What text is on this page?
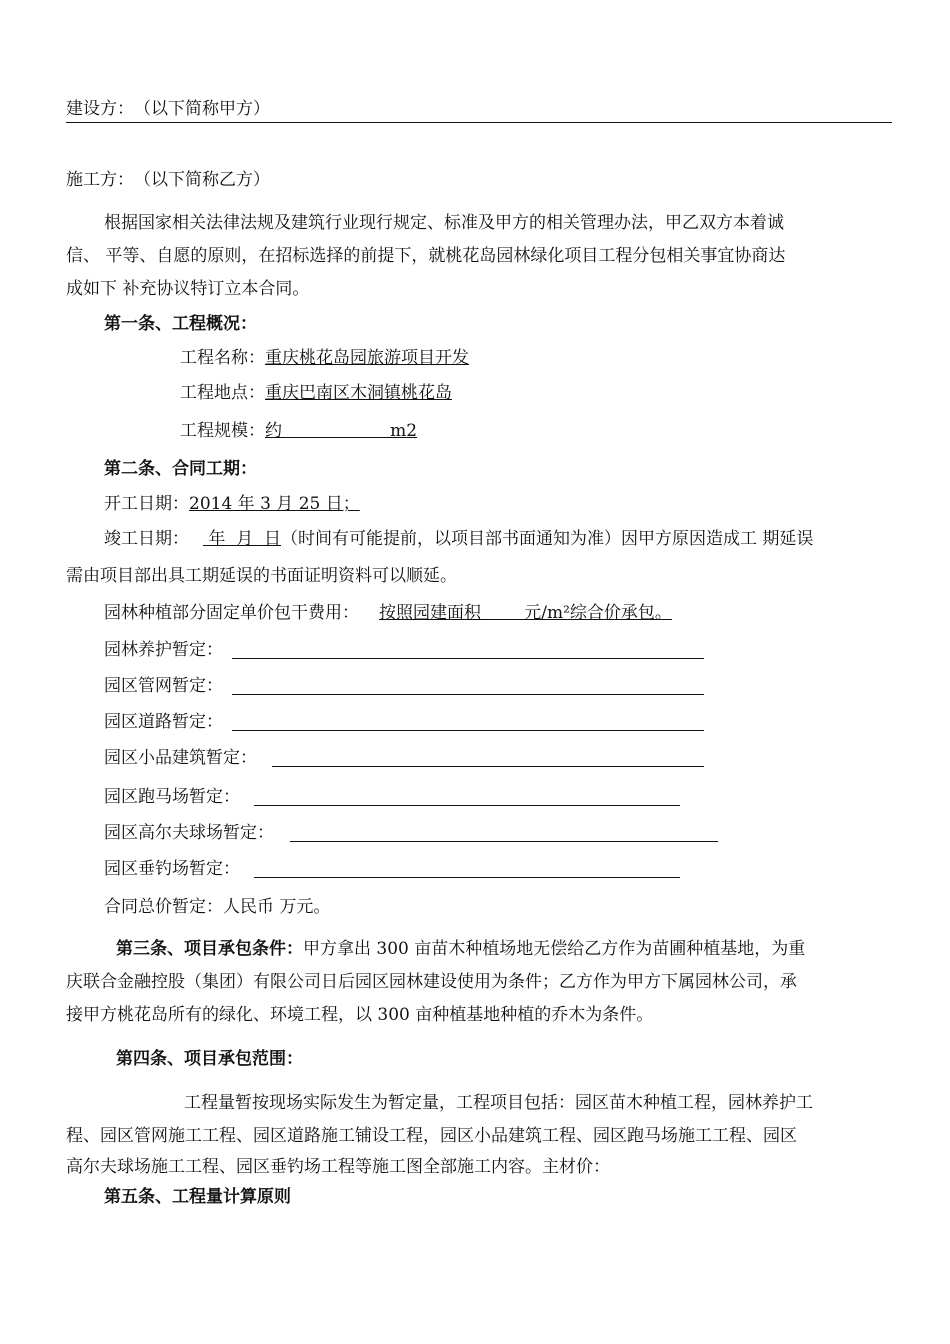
建设方：　（以下简称甲方）
施工方：　（以下简称乙方）
根据国家相关法律法规及建筑行业现行规定、标准及甲方的相关管理办法，甲乙双方本着诚
信、 平等、自愿的原则，在招标选择的前提下，就桃花岛园林绿化项目工程分包相关事宜协商达
成如下 补充协议特订立本合同。
第一条、工程概况：
工程名称：重庆桃花岛园旅游项目开发
工程地点：重庆巴南区木洞镇桃花岛
工程规模：约                    m2
第二条、合同工期：
开工日期：2014 年 3 月 25 日；
竣工日期： 年  月  日（时间有可能提前，以项目部书面通知为准）因甲方原因造成工 期延误
需由项目部出具工期延误的书面证明资料可以顺延。
园林种植部分固定单价包干费用： 按照园建面积        元/m²综合价承包。
园林养护暂定：
园区管网暂定：
园区道路暂定：
园区小品建筑暂定：
园区跑马场暂定：
园区高尔夫球场暂定：
园区垂钓场暂定：
合同总价暂定：人民币 万元。
第三条、项目承包条件：甲方拿出 300 亩苗木种植场地无偿给乙方作为苗圃种植基地，为重
庆联合金融控股（集团）有限公司日后园区园林建设使用为条件；乙方作为甲方下属园林公司，承
接甲方桃花岛所有的绿化、环境工程，以 300 亩种植基地种植的乔木为条件。
第四条、项目承包范围：
工程量暂按现场实际发生为暂定量，工程项目包括：园区苗木种植工程，园林养护工
程、园区管网施工工程、园区道路施工铺设工程，园区小品建筑工程、园区跑马场施工工程、园区
高尔夫球场施工工程、园区垂钓场工程等施工图全部施工内容。主材价：
第五条、工程量计算原则
